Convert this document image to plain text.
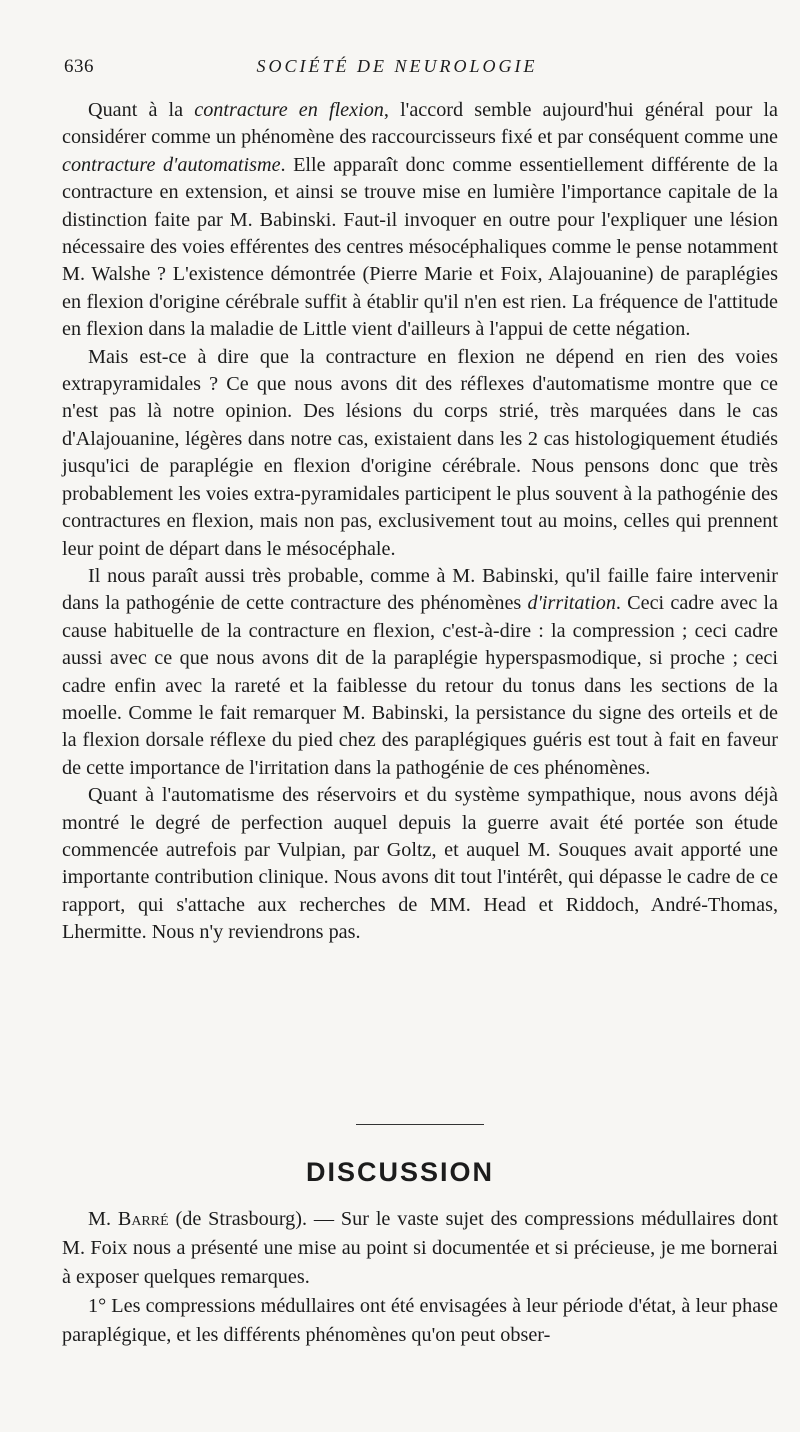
636	SOCIÉTÉ DE NEUROLOGIE

Quant à la contracture en flexion, l'accord semble aujourd'hui général pour la considérer comme un phénomène des raccourcisseurs fixé et par conséquent comme une contracture d'automatisme. Elle apparaît donc comme essentiellement différente de la contracture en extension, et ainsi se trouve mise en lumière l'importance capitale de la distinction faite par M. Babinski. Faut-il invoquer en outre pour l'expliquer une lésion nécessaire des voies efférentes des centres mésocéphaliques comme le pense notamment M. Walshe ? L'existence démontrée (Pierre Marie et Foix, Alajouanine) de paraplégies en flexion d'origine cérébrale suffit à établir qu'il n'en est rien. La fréquence de l'attitude en flexion dans la maladie de Little vient d'ailleurs à l'appui de cette négation.

Mais est-ce à dire que la contracture en flexion ne dépend en rien des voies extrapyramidales ? Ce que nous avons dit des réflexes d'automatisme montre que ce n'est pas là notre opinion. Des lésions du corps strié, très marquées dans le cas d'Alajouanine, légères dans notre cas, existaient dans les 2 cas histologiquement étudiés jusqu'ici de paraplégie en flexion d'origine cérébrale. Nous pensons donc que très probablement les voies extra-pyramidales participent le plus souvent à la pathogénie des contractures en flexion, mais non pas, exclusivement tout au moins, celles qui prennent leur point de départ dans le mésocéphale.

Il nous paraît aussi très probable, comme à M. Babinski, qu'il faille faire intervenir dans la pathogénie de cette contracture des phénomènes d'irritation. Ceci cadre avec la cause habituelle de la contracture en flexion, c'est-à-dire : la compression ; ceci cadre aussi avec ce que nous avons dit de la paraplégie hyperspasmodique, si proche ; ceci cadre enfin avec la rareté et la faiblesse du retour du tonus dans les sections de la moelle. Comme le fait remarquer M. Babinski, la persistance du signe des orteils et de la flexion dorsale réflexe du pied chez des paraplégiques guéris est tout à fait en faveur de cette importance de l'irritation dans la pathogénie de ces phénomènes.

Quant à l'automatisme des réservoirs et du système sympathique, nous avons déjà montré le degré de perfection auquel depuis la guerre avait été portée son étude commencée autrefois par Vulpian, par Goltz, et auquel M. Souques avait apporté une importante contribution clinique. Nous avons dit tout l'intérêt, qui dépasse le cadre de ce rapport, qui s'attache aux recherches de MM. Head et Riddoch, André-Thomas, Lhermitte. Nous n'y reviendrons pas.

DISCUSSION

M. Barré (de Strasbourg). — Sur le vaste sujet des compressions médullaires dont M. Foix nous a présenté une mise au point si documentée et si précieuse, je me bornerai à exposer quelques remarques.

1° Les compressions médullaires ont été envisagées à leur période d'état, à leur phase paraplégique, et les différents phénomènes qu'on peut obser-
